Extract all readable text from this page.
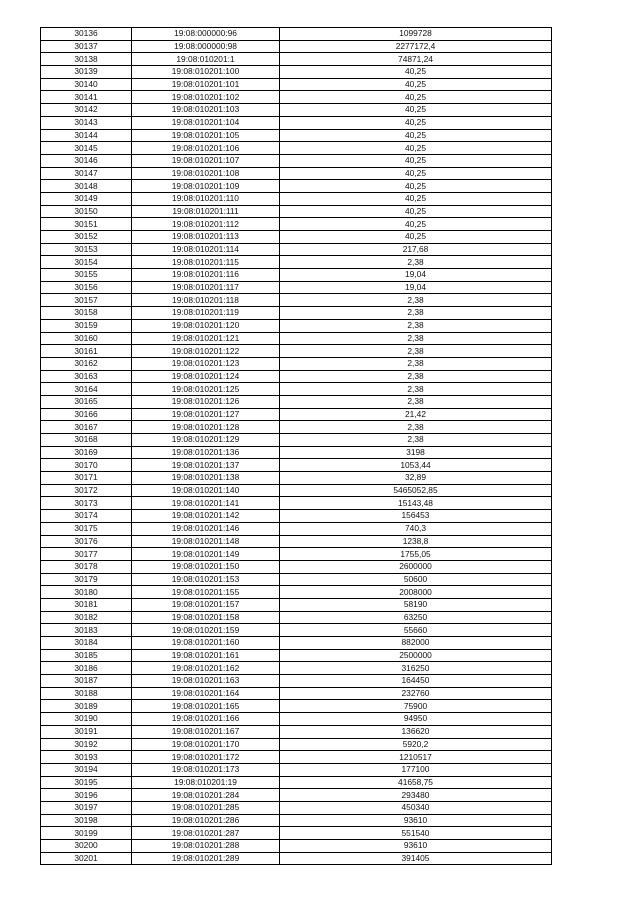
30136	19:08:000000:96	1099728
30137	19:08:000000:98	2277172,4
30138	19:08:010201:1	74871,24
30139	19:08:010201:100	40,25
30140	19:08:010201:101	40,25
30141	19:08:010201:102	40,25
30142	19:08:010201:103	40,25
30143	19:08:010201:104	40,25
30144	19:08:010201:105	40,25
30145	19:08:010201:106	40,25
30146	19:08:010201:107	40,25
30147	19:08:010201:108	40,25
30148	19:08:010201:109	40,25
30149	19:08:010201:110	40,25
30150	19:08:010201:111	40,25
30151	19:08:010201:112	40,25
30152	19:08:010201:113	40,25
30153	19:08:010201:114	217,68
30154	19:08:010201:115	2,38
30155	19:08:010201:116	19,04
30156	19:08:010201:117	19,04
30157	19:08:010201:118	2,38
30158	19:08:010201:119	2,38
30159	19:08:010201:120	2,38
30160	19:08:010201:121	2,38
30161	19:08:010201:122	2,38
30162	19:08:010201:123	2,38
30163	19:08:010201:124	2,38
30164	19:08:010201:125	2,38
30165	19:08:010201:126	2,38
30166	19:08:010201:127	21,42
30167	19:08:010201:128	2,38
30168	19:08:010201:129	2,38
30169	19:08:010201:136	3198
30170	19:08:010201:137	1053,44
30171	19:08:010201:138	32,89
30172	19:08:010201:140	5465052,85
30173	19:08:010201:141	15143,48
30174	19:08:010201:142	156453
30175	19:08:010201:146	740,3
30176	19:08:010201:148	1238,8
30177	19:08:010201:149	1755,05
30178	19:08:010201:150	2600000
30179	19:08:010201:153	50600
30180	19:08:010201:155	2008000
30181	19:08:010201:157	58190
30182	19:08:010201:158	63250
30183	19:08:010201:159	55660
30184	19:08:010201:160	882000
30185	19:08:010201:161	2500000
30186	19:08:010201:162	316250
30187	19:08:010201:163	164450
30188	19:08:010201:164	232760
30189	19:08:010201:165	75900
30190	19:08:010201:166	94950
30191	19:08:010201:167	136620
30192	19:08:010201:170	5920,2
30193	19:08:010201:172	1210517
30194	19:08:010201:173	177100
30195	19:08:010201:19	41658,75
30196	19:08:010201:284	293480
30197	19:08:010201:285	450340
30198	19:08:010201:286	93610
30199	19:08:010201:287	551540
30200	19:08:010201:288	93610
30201	19:08:010201:289	391405
